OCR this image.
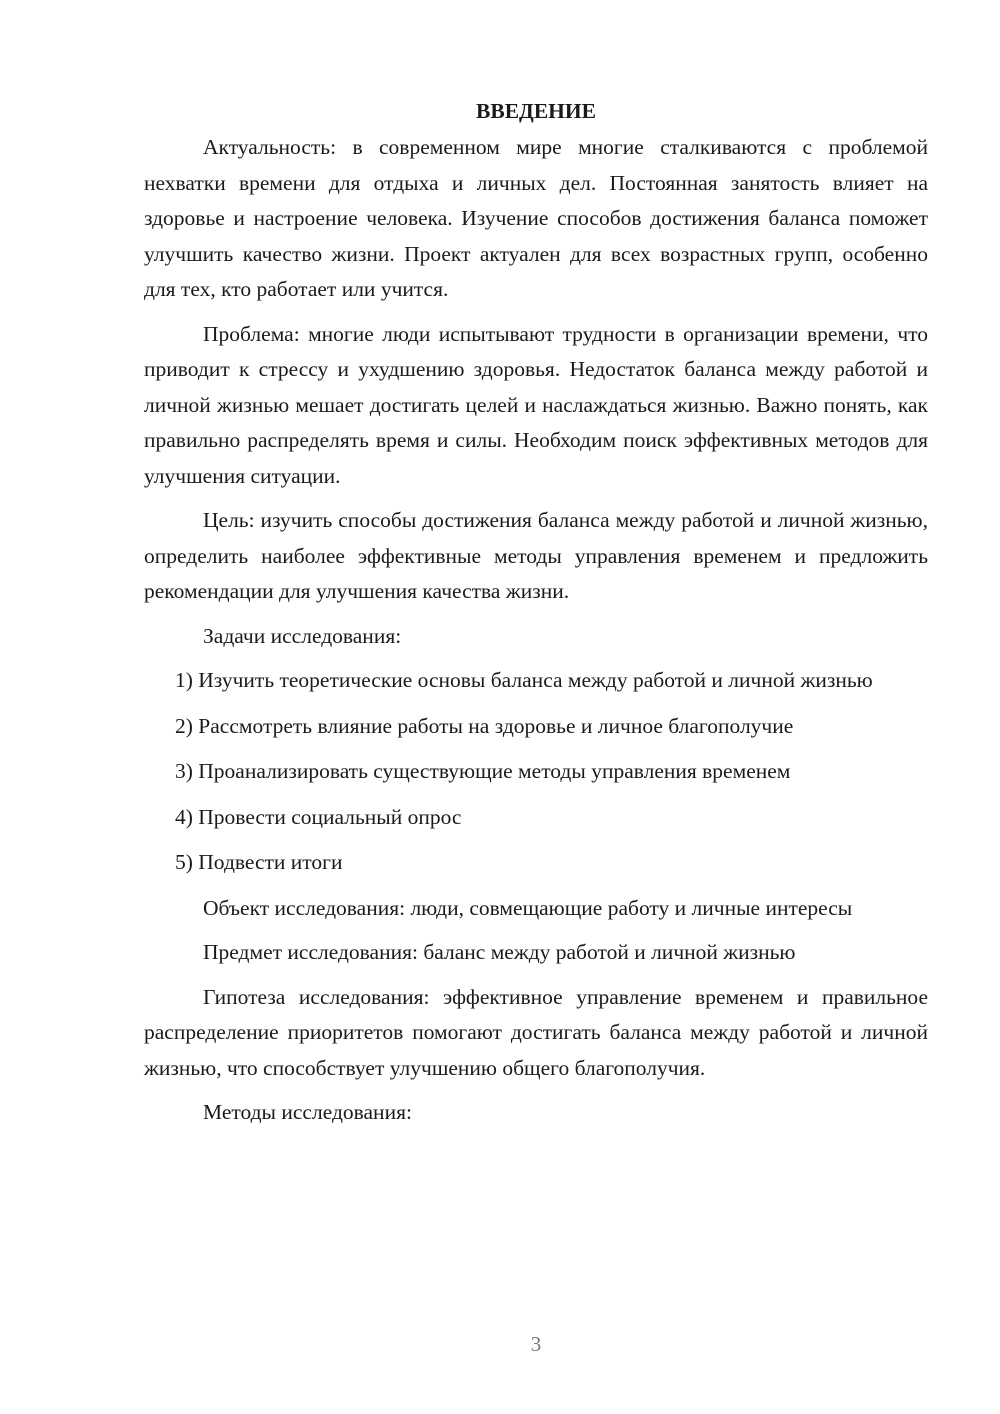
ВВЕДЕНИЕ

Актуальность: в современном мире многие сталкиваются с проблемой нехватки времени для отдыха и личных дел. Постоянная занятость влияет на здоровье и настроение человека. Изучение способов достижения баланса поможет улучшить качество жизни. Проект актуален для всех возрастных групп, особенно для тех, кто работает или учится.

Проблема: многие люди испытывают трудности в организации времени, что приводит к стрессу и ухудшению здоровья. Недостаток баланса между работой и личной жизнью мешает достигать целей и наслаждаться жизнью. Важно понять, как правильно распределять время и силы. Необходим поиск эффективных методов для улучшения ситуации.

Цель: изучить способы достижения баланса между работой и личной жизнью, определить наиболее эффективные методы управления временем и предложить рекомендации для улучшения качества жизни.

Задачи исследования:

1) Изучить теоретические основы баланса между работой и личной жизнью

2) Рассмотреть влияние работы на здоровье и личное благополучие

3) Проанализировать существующие методы управления временем

4) Провести социальный опрос

5) Подвести итоги

Объект исследования: люди, совмещающие работу и личные интересы

Предмет исследования: баланс между работой и личной жизнью

Гипотеза исследования: эффективное управление временем и правильное распределение приоритетов помогают достигать баланса между работой и личной жизнью, что способствует улучшению общего благополучия.

Методы исследования:

3
